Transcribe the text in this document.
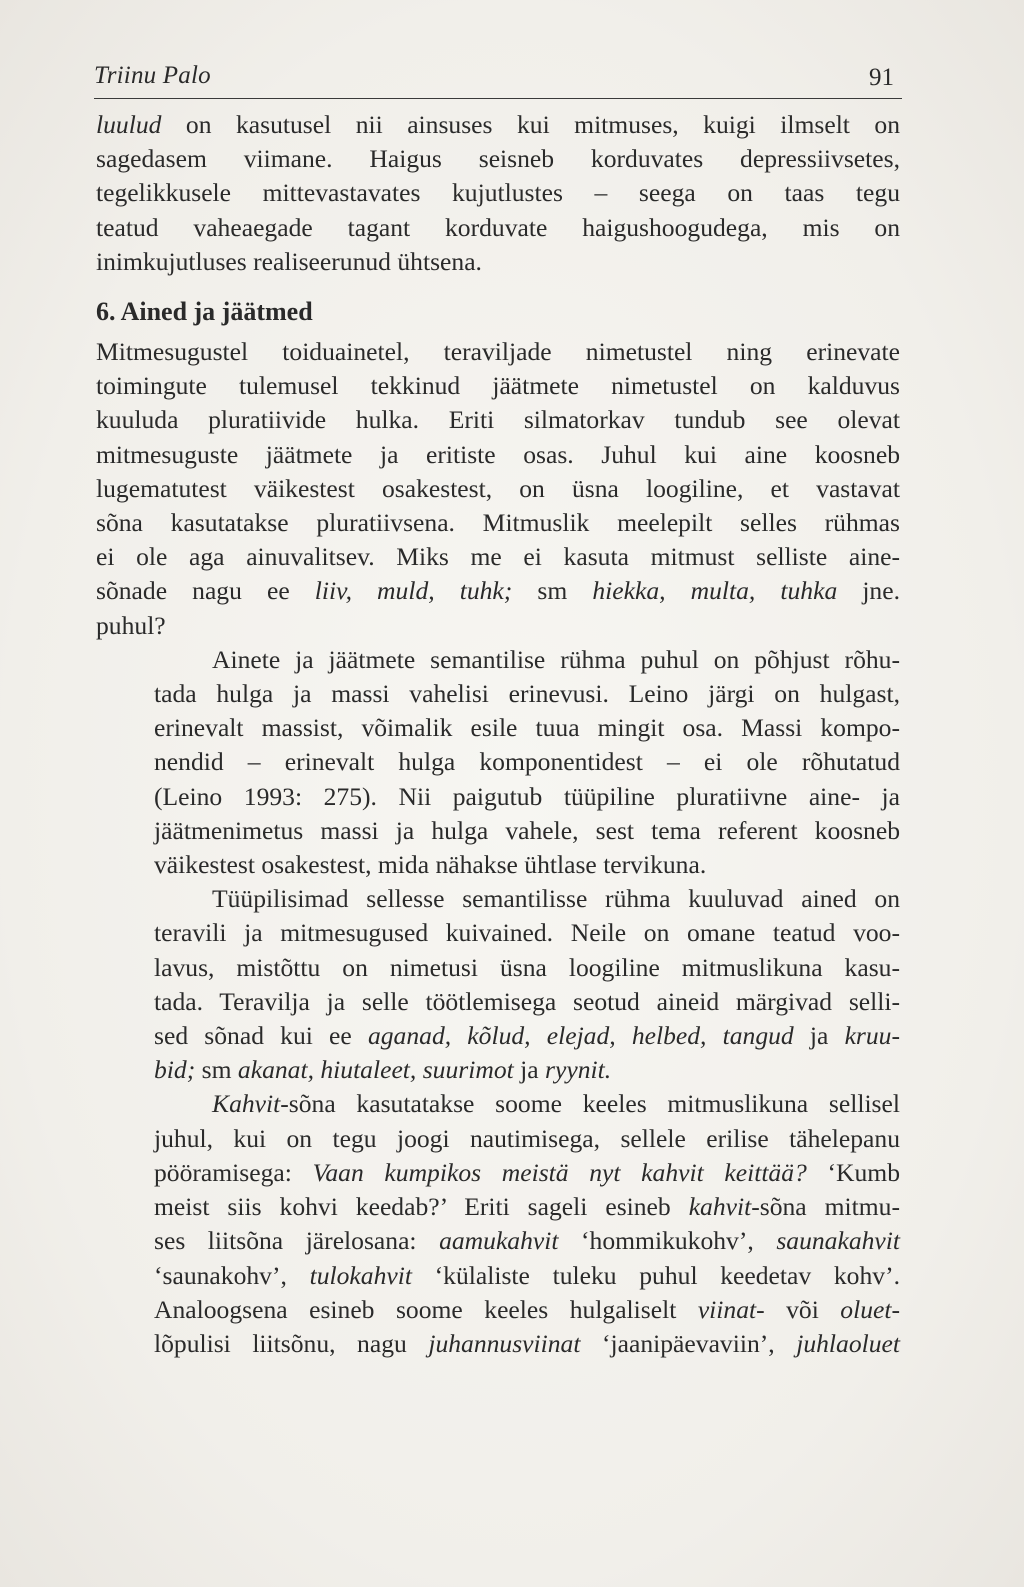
Triinu Palo	91

luulud on kasutusel nii ainsuses kui mitmuses, kuigi ilmselt on
sagedasem viimane. Haigus seisneb korduvates depressiivsetes,
tegelikkusele mittevastavates kujutlustes – seega on taas tegu
teatud vaheaegade tagant korduvate haigushoogudega, mis on
inimkujutluses realiseerunud ühtsena.

6. Ained ja jäätmed

Mitmesugustel toiduainetel, teraviljade nimetustel ning erinevate
toimingute tulemusel tekkinud jäätmete nimetustel on kalduvus
kuuluda pluratiivide hulka. Eriti silmatorkav tundub see olevat
mitmesuguste jäätmete ja eritiste osas. Juhul kui aine koosneb
lugematutest väikestest osakestest, on üsna loogiline, et vastavat
sõna kasutatakse pluratiivsena. Mitmuslik meelepilt selles rühmas
ei ole aga ainuvalitsev. Miks me ei kasuta mitmust selliste aine-
sõnade nagu ee liiv, muld, tuhk; sm hiekka, multa, tuhka jne.
puhul?

Ainete ja jäätmete semantilise rühma puhul on põhjust rõhu-
tada hulga ja massi vahelisi erinevusi. Leino järgi on hulgast,
erinevalt massist, võimalik esile tuua mingit osa. Massi kompo-
nendid – erinevalt hulga komponentidest – ei ole rõhutatud
(Leino 1993: 275). Nii paigutub tüüpiline pluratiivne aine- ja
jäätmenimetus massi ja hulga vahele, sest tema referent koosneb
väikestest osakestest, mida nähakse ühtlase tervikuna.

Tüüpilisimad sellesse semantilisse rühma kuuluvad ained on
teravili ja mitmesugused kuivained. Neile on omane teatud voo-
lavus, mistõttu on nimetusi üsna loogiline mitmuslikuna kasu-
tada. Teravilja ja selle töötlemisega seotud aineid märgivad selli-
sed sõnad kui ee aganad, kõlud, elejad, helbed, tangud ja kruu-
bid; sm akanat, hiutaleet, suurimot ja ryynit.

Kahvit-sõna kasutatakse soome keeles mitmuslikuna sellisel
juhul, kui on tegu joogi nautimisega, sellele erilise tähelepanu
pööramisega: Vaan kumpikos meistä nyt kahvit keittää? ‘Kumb
meist siis kohvi keedab?’ Eriti sageli esineb kahvit-sõna mitmu-
ses liitsõna järelosana: aamukahvit ‘hommikukohv’, saunakahvit
‘saunakohv’, tulokahvit ‘külaliste tuleku puhul keedetav kohv’.
Analoogsena esineb soome keeles hulgaliselt viinat- või oluet-
lõpulisi liitsõnu, nagu juhannusviinat ‘jaanipäevaviin’, juhlaoluet
